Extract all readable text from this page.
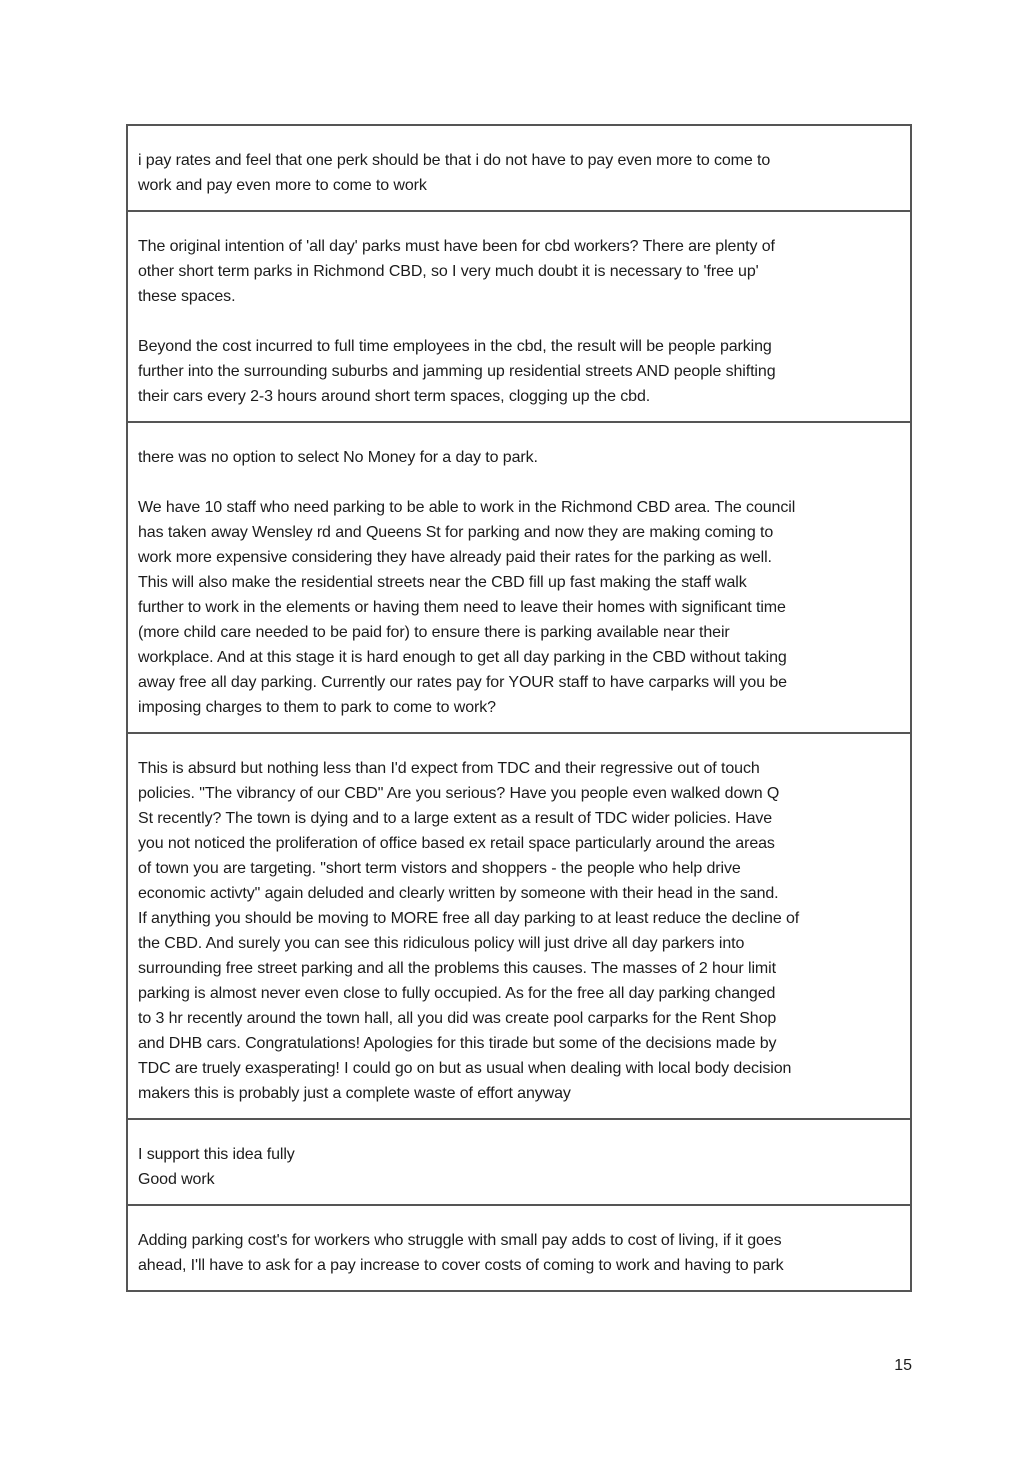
i pay rates and feel that one perk should be that i do not have to pay even more to come to
work and pay even more to come to work

The original intention of 'all day' parks must have been for cbd workers? There are plenty of
other short term parks in Richmond CBD, so I very much doubt it is necessary to 'free up'
these spaces.

Beyond the cost incurred to full time employees in the cbd, the result will be people parking
further into the surrounding suburbs and jamming up residential streets AND people shifting
their cars every 2-3 hours around short term spaces, clogging up the cbd.

there was no option to select No Money for a day to park.

We have 10 staff who need parking to be able to work in the Richmond CBD area. The council
has taken away Wensley rd and Queens St for parking and now they are making coming to
work more expensive considering they have already paid their rates for the parking as well.
This will also make the residential streets near the CBD fill up fast making the staff walk
further to work in the elements or having them need to leave their homes with significant time
(more child care needed to be paid for) to ensure there is parking available near their
workplace. And at this stage it is hard enough to get all day parking in the CBD without taking
away free all day parking. Currently our rates pay for YOUR staff to have carparks will you be
imposing charges to them to park to come to work?

This is absurd but nothing less than I'd expect from TDC and their regressive out of touch
policies. "The vibrancy of our CBD" Are you serious? Have you people even walked down Q
St recently? The town is dying and to a large extent as a result of TDC wider policies. Have
you not noticed the proliferation of office based ex retail space particularly around the areas
of town you are targeting. "short term vistors and shoppers - the people who help drive
economic activty" again deluded and clearly written by someone with their head in the sand.
If anything you should be moving to MORE free all day parking to at least reduce the decline of
the CBD. And surely you can see this ridiculous policy will just drive all day parkers into
surrounding free street parking and all the problems this causes. The masses of 2 hour limit
parking is almost never even close to fully occupied. As for the free all day parking changed
to 3 hr recently around the town hall, all you did was create pool carparks for the Rent Shop
and DHB cars. Congratulations! Apologies for this tirade but some of the decisions made by
TDC are truely exasperating! I could go on but as usual when dealing with local body decision
makers this is probably just a complete waste of effort anyway

I support this idea fully
Good work

Adding parking cost's for workers who struggle with small pay adds to cost of living, if it goes
ahead, I'll have to ask for a pay increase to cover costs of coming to work and having to park

15
